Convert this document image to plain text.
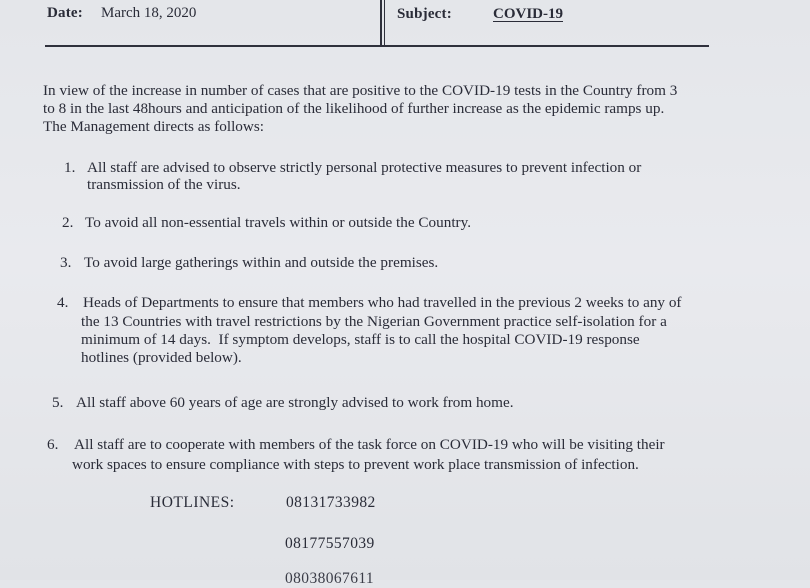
Date: March 18, 2020	Subject:	COVID-19
In view of the increase in number of cases that are positive to the COVID-19 tests in the Country from 3
to 8 in the last 48hours and anticipation of the likelihood of further increase as the epidemic ramps up.
The Management directs as follows:
1. All staff are advised to observe strictly personal protective measures to prevent infection or
transmission of the virus.
2. To avoid all non-essential travels within or outside the Country.
3. To avoid large gatherings within and outside the premises.
4. Heads of Departments to ensure that members who had travelled in the previous 2 weeks to any of
the 13 Countries with travel restrictions by the Nigerian Government practice self-isolation for a
minimum of 14 days.  If symptom develops, staff is to call the hospital COVID-19 response
hotlines (provided below).
5. All staff above 60 years of age are strongly advised to work from home.
6. All staff are to cooperate with members of the task force on COVID-19 who will be visiting their
work spaces to ensure compliance with steps to prevent work place transmission of infection.
HOTLINES:	08131733982
08177557039
08038067611
